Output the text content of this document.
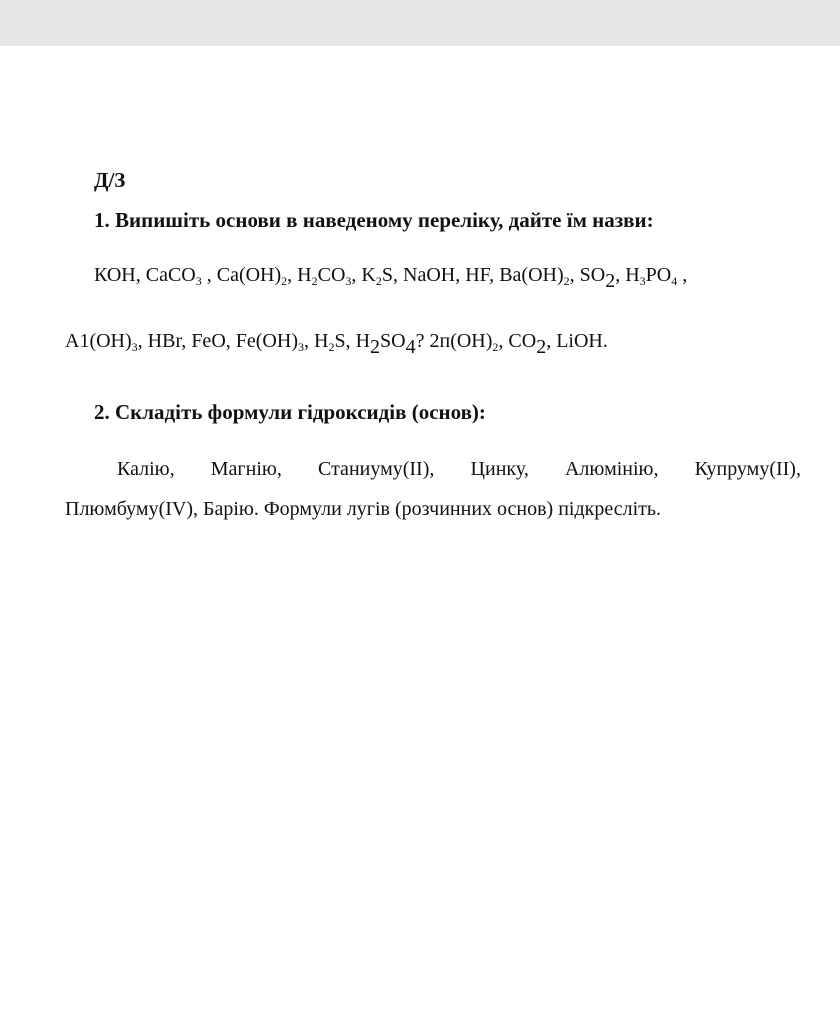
Д/З
1. Випишіть основи в наведеному переліку, дайте їм назви:
КОН, CaCO$_3$ , $Ca(OH)_2$, $H_2CO_3$, $K_2S$, NaOH, HF, $Ba(OH)_2$, $SO_2$, $H_3PO_4$ ,
$A1(OH)_3$, HBr, FeO, $Fe(OH)_3$, $H_2S$, $H_2SO_4$? $2п(OH)_2$, $CO_2$, LiOH.
2. Складіть формули гідроксидів (основ):
Калію, Магнію, Станиуму(II), Цинку, Алюмінію, Купруму(II),
Плюмбуму(IV), Барію. Формули лугів (розчинних основ) підкресліть.
